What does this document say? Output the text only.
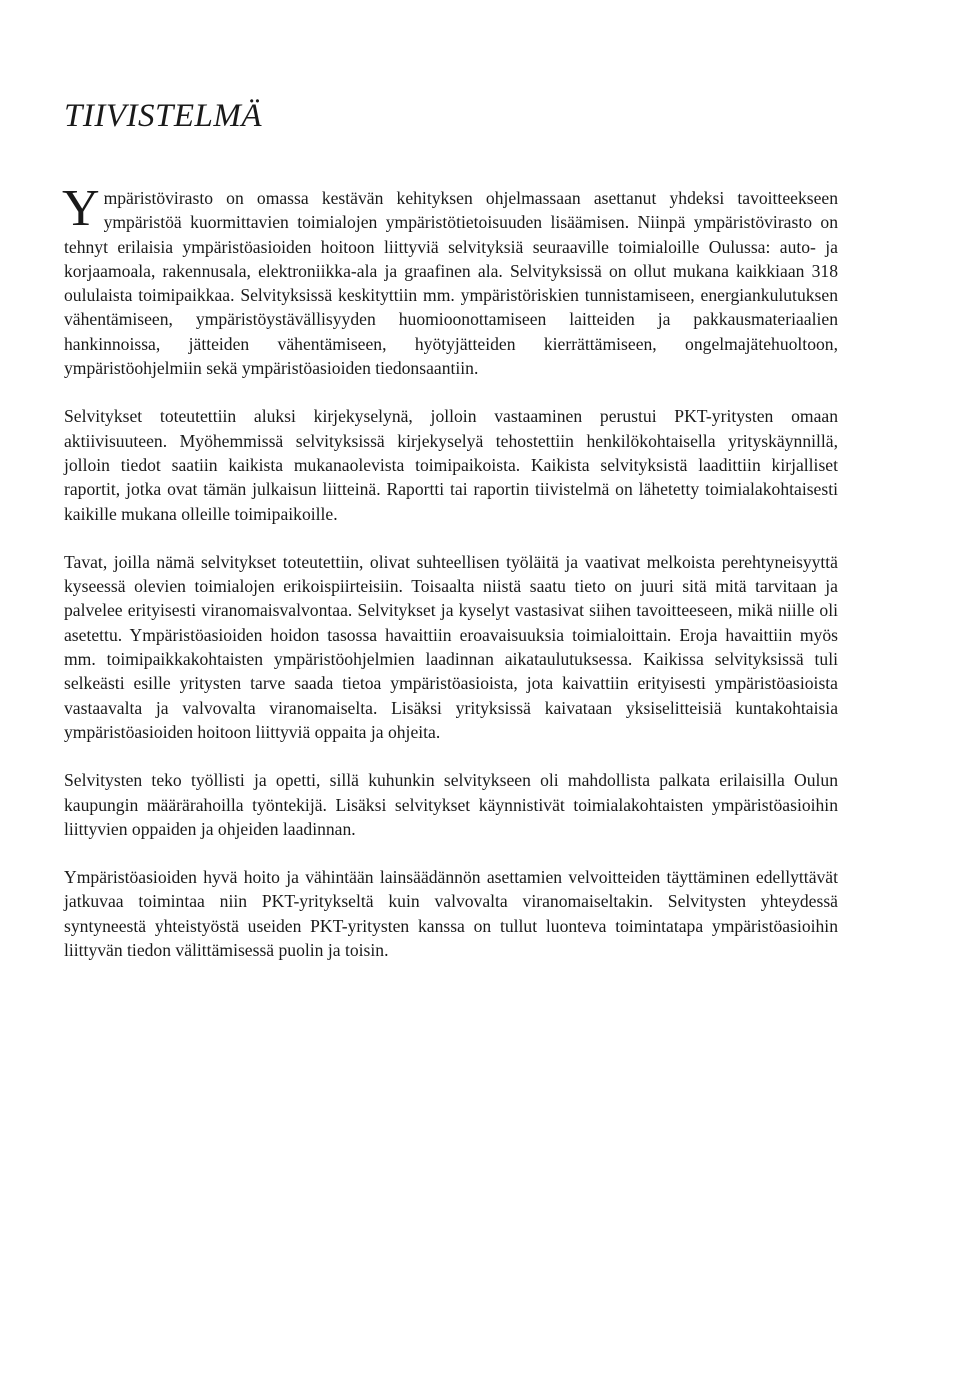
TIIVISTELMÄ

Ympäristövirasto on omassa kestävän kehityksen ohjelmassaan asettanut yhdeksi tavoitteekseen ympäristöä kuormittavien toimialojen ympäristötietoisuuden lisäämisen. Niinpä ympäristövirasto on tehnyt erilaisia ympäristöasioiden hoitoon liittyviä selvityksiä seuraaville toimialoille Oulussa: auto- ja korjaamoala, rakennusala, elektroniikka-ala ja graafinen ala. Selvityksissä on ollut mukana kaikkiaan 318 oululaista toimipaikkaa. Selvityksissä keskityttiin mm. ympäristöriskien tunnistamiseen, energiankulutuksen vähentämiseen, ympäristöystävällisyyden huomioonottamiseen laitteiden ja pakkausmateriaalien hankinnoissa, jätteiden vähentämiseen, hyötyjätteiden kierrättämiseen, ongelmajätehuoltoon, ympäristöohjelmiin sekä ympäristöasioiden tiedonsaantiin.

Selvitykset toteutettiin aluksi kirjekyselynä, jolloin vastaaminen perustui PKT-yritysten omaan aktiivisuuteen. Myöhemmissä selvityksissä kirjekyselyä tehostettiin henkilökohtaisella yrityskäynnillä, jolloin tiedot saatiin kaikista mukanaolevista toimipaikoista. Kaikista selvityksistä laadittiin kirjalliset raportit, jotka ovat tämän julkaisun liitteinä. Raportti tai raportin tiivistelmä on lähetetty toimialakohtaisesti kaikille mukana olleille toimipaikoille.

Tavat, joilla nämä selvitykset toteutettiin, olivat suhteellisen työläitä ja vaativat melkoista perehtyneisyyttä kyseessä olevien toimialojen erikoispiirteisiin. Toisaalta niistä saatu tieto on juuri sitä mitä tarvitaan ja palvelee erityisesti viranomaisvalvontaa. Selvitykset ja kyselyt vastasivat siihen tavoitteeseen, mikä niille oli asetettu. Ympäristöasioiden hoidon tasossa havaittiin eroavaisuuksia toimialoittain. Eroja havaittiin myös mm. toimipaikkakohtaisten ympäristöohjelmien laadinnan aikataulutuksessa. Kaikissa selvityksissä tuli selkeästi esille yritysten tarve saada tietoa ympäristöasioista, jota kaivattiin erityisesti ympäristöasioista vastaavalta ja valvovalta viranomaiselta. Lisäksi yrityksissä kaivataan yksiselitteisiä kuntakohtaisia ympäristöasioiden hoitoon liittyviä oppaita ja ohjeita.

Selvitysten teko työllisti ja opetti, sillä kuhunkin selvitykseen oli mahdollista palkata erilaisilla Oulun kaupungin määrärahoilla työntekijä. Lisäksi selvitykset käynnistivät toimialakohtaisten ympäristöasioihin liittyvien oppaiden ja ohjeiden laadinnan.

Ympäristöasioiden hyvä hoito ja vähintään lainsäädännön asettamien velvoitteiden täyttäminen edellyttävät jatkuvaa toimintaa niin PKT-yritykseltä kuin valvovalta viranomaiseltakin. Selvitysten yhteydessä syntyneestä yhteistyöstä useiden PKT-yritysten kanssa on tullut luonteva toimintatapa ympäristöasioihin liittyvän tiedon välittämisessä puolin ja toisin.
